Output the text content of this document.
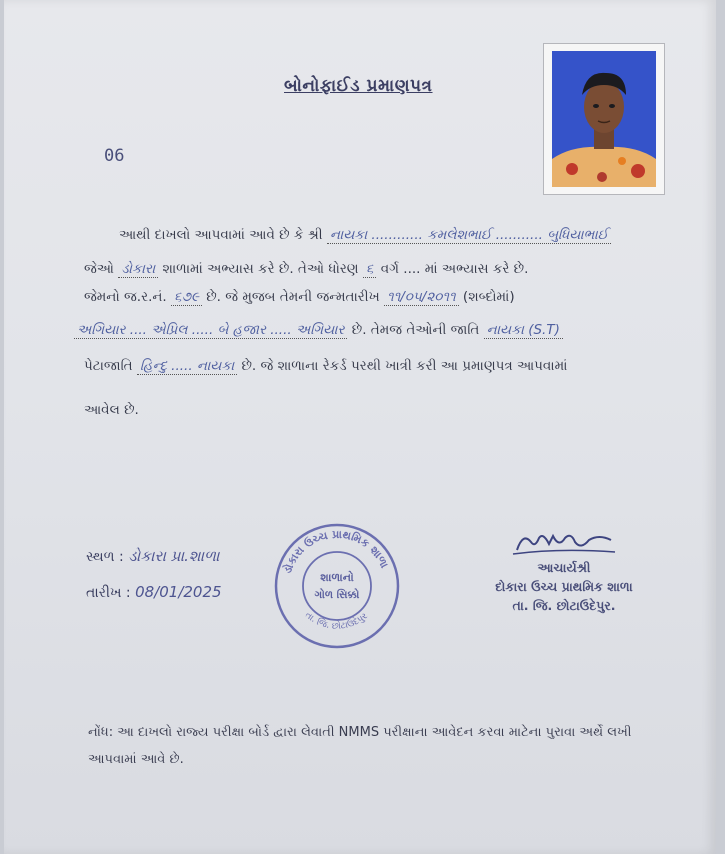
બોનોફાઈડ પ્રમાણપત્ર
06
આથી દાખલો આપવામાં આવે છે કે શ્રી નાયકા ............ કમલેશભાઈ ........... બુધિયાભાઈ
જેઓ ડોકારા શાળામાં અભ્યાસ કરે છે. તેઓ ધોરણ ૬ વર્ગ .... માં અભ્યાસ કરે છે.
જેમનો જ.ર.નં. ૬૭૯ છે. જે મુજબ તેમની જન્મતારીખ ૧૧/૦૫/૨૦૧૧ (શબ્દોમાં)
અગિયાર .... એપ્રિલ ..... બે હજાર ..... અગિયાર છે. તેમજ તેઓની જાતિ નાયકા (S.T)
પેટાજાતિ હિન્દુ ..... નાયકા છે. જે શાળાના રેકર્ડ પરથી ખાત્રી કરી આ પ્રમાણપત્ર આપવામાં
આવેલ છે.
સ્થળ : ડોકારા પ્રા.શાળા
તારીખ : 08/01/2025
ડોકારા ઉચ્ચ પ્રાથમિક શાળા
તા. જિ. છોટાઉદેપુર
શાળાનો
ગોળ સિક્કો
આચાર્યશ્રી
દોકારા ઉચ્ચ પ્રાથમિક શાળા
તા. જિ. છોટાઉદેપુર.
નોંધ: આ દાખલો રાજ્ય પરીક્ષા બોર્ડ દ્વારા લેવાતી NMMS પરીક્ષાના આવેદન કરવા માટેના પુરાવા અર્થે લખી આપવામાં આવે છે.
